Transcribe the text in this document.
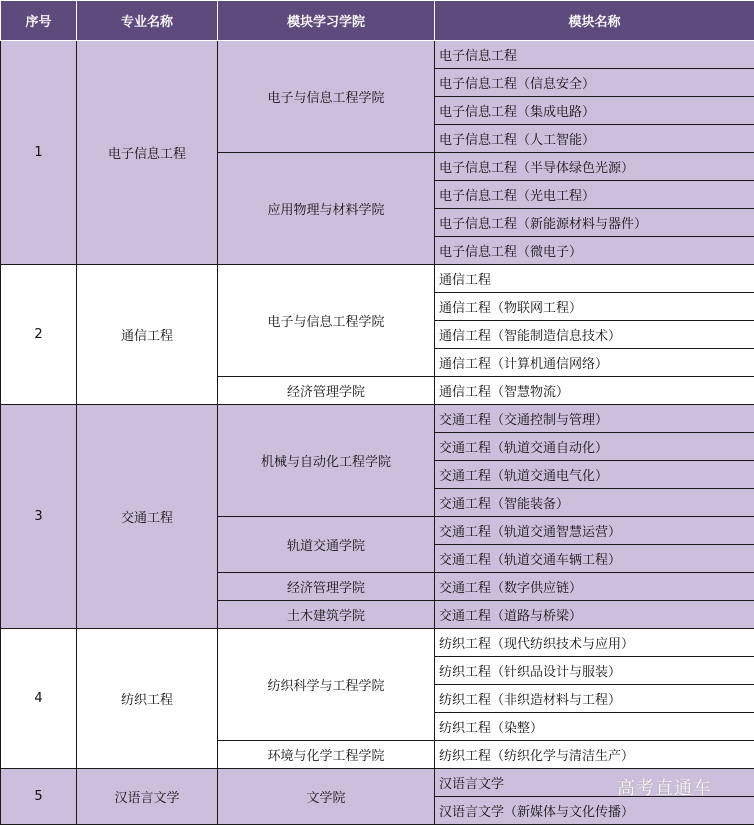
序号	专业名称	模块学习学院	模块名称
1	电子信息工程	电子与信息工程学院	电子信息工程
			电子信息工程（信息安全）
			电子信息工程（集成电路）
			电子信息工程（人工智能）
		应用物理与材料学院	电子信息工程（半导体绿色光源）
			电子信息工程（光电工程）
			电子信息工程（新能源材料与器件）
			电子信息工程（微电子）
2	通信工程	电子与信息工程学院	通信工程
			通信工程（物联网工程）
			通信工程（智能制造信息技术）
			通信工程（计算机通信网络）
		经济管理学院	通信工程（智慧物流）
3	交通工程	机械与自动化工程学院	交通工程（交通控制与管理）
			交通工程（轨道交通自动化）
			交通工程（轨道交通电气化）
			交通工程（智能装备）
		轨道交通学院	交通工程（轨道交通智慧运营）
			交通工程（轨道交通车辆工程）
		经济管理学院	交通工程（数字供应链）
		土木建筑学院	交通工程（道路与桥梁）
4	纺织工程	纺织科学与工程学院	纺织工程（现代纺织技术与应用）
			纺织工程（针织品设计与服装）
			纺织工程（非织造材料与工程）
			纺织工程（染整）
		环境与化学工程学院	纺织工程（纺织化学与清洁生产）
5	汉语言文学	文学院	汉语言文学
			汉语言文学（新媒体与文化传播）
高考直通车
